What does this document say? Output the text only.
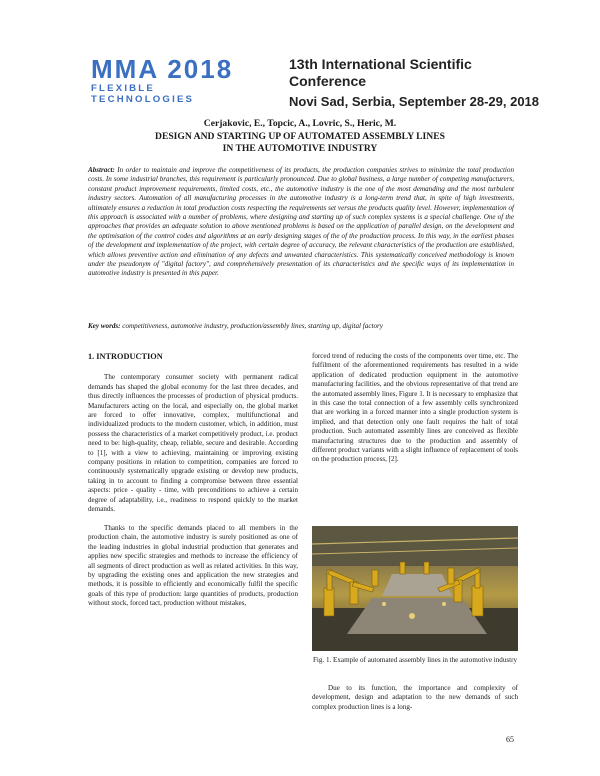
MMA 2018
FLEXIBLE TECHNOLOGIES
13th International Scientific Conference
Novi Sad, Serbia, September 28-29, 2018
Cerjakovic, E., Topcic, A., Lovric, S., Heric, M.
DESIGN AND STARTING UP OF AUTOMATED ASSEMBLY LINES IN THE AUTOMOTIVE INDUSTRY
Abstract: In order to maintain and improve the competitiveness of its products, the production companies strives to minimize the total production costs. In some industrial branches, this requirement is particularly pronounced. Due to global business, a large number of competing manufacturers, constant product improvement requirements, limited costs, etc., the automotive industry is the one of the most demanding and the most turbulent industry sectors. Automation of all manufacturing processes in the automotive industry is a long-term trend that, in spite of high investments, ultimately ensures a reduction in total production costs respecting the requirements set versus the products quality level. However, implementation of this approach is associated with a number of problems, where designing and starting up of such complex systems is a special challenge. One of the approaches that provides an adequate solution to above mentioned problems is based on the application of parallel design, on the development and the optimisation of the control codes and algorithms at an early designing stages of the of the production process. In this way, in the earliest phases of the development and implementation of the project, with certain degree of accuracy, the relevant characteristics of the production are established, which allows preventive action and elimination of any defects and unwanted characteristics. This systematically conceived methodology is known under the pseudonym of "digital factory", and comprehensively presentation of its characteristics and the specific ways of its implementation in automotive industry is presented in this paper.
Key words: competitiveness, automotive industry, production/assembly lines, starting up, digital factory
1. INTRODUCTION

The contemporary consumer society with permanent radical demands has shaped the global economy for the last three decades, and thus directly influences the processes of production of physical products. Manufacturers acting on the local, and especially on, the global market are forced to offer innovative, complex, multifunctional and individualized products to the modern customer, which, in addition, must possess the characteristics of a market competitively product, i.e. product need to be: high-quality, cheap, reliable, secure and desirable. According to [1], with a view to achieving, maintaining or improving existing company positions in relation to competition, companies are forced to continuously systematically upgrade existing or develop new products, taking in to account to finding a compromise between three essential aspects: price - quality - time, with preconditions to achieve a certain degree of adaptability, i.e., readiness to respond quickly to the market demands.

Thanks to the specific demands placed to all members in the production chain, the automotive industry is surely positioned as one of the leading industries in global industrial production that generates and applies new specific strategies and methods to increase the efficiency of all segments of direct production as well as related activities. In this way, by upgrading the existing ones and application the new strategies and methods, it is possible to efficiently and economically fulfil the specific goals of this type of production: large quantities of products, production without stock, forced tact, production without mistakes,

forced trend of reducing the costs of the components over time, etc. The fulfilment of the aforementioned requirements has resulted in a wide application of dedicated production equipment in the automotive manufacturing facilities, and the obvious representative of that trend are the automated assembly lines, Figure 1. It is necessary to emphasize that in this case the total connection of a few assembly cells synchronized that are working in a forced manner into a single production system is implied, and that detection only one fault requires the halt of total production. Such automated assembly lines are conceived as flexible manufacturing structures due to the production and assembly of different product variants with a slight influence of replacement of tools on the production process, [2].

Fig. 1. Example of automated assembly lines in the automotive industry

Due to its function, the importance and complexity of development, design and adaptation to the new demands of such complex production lines is a long-

65
